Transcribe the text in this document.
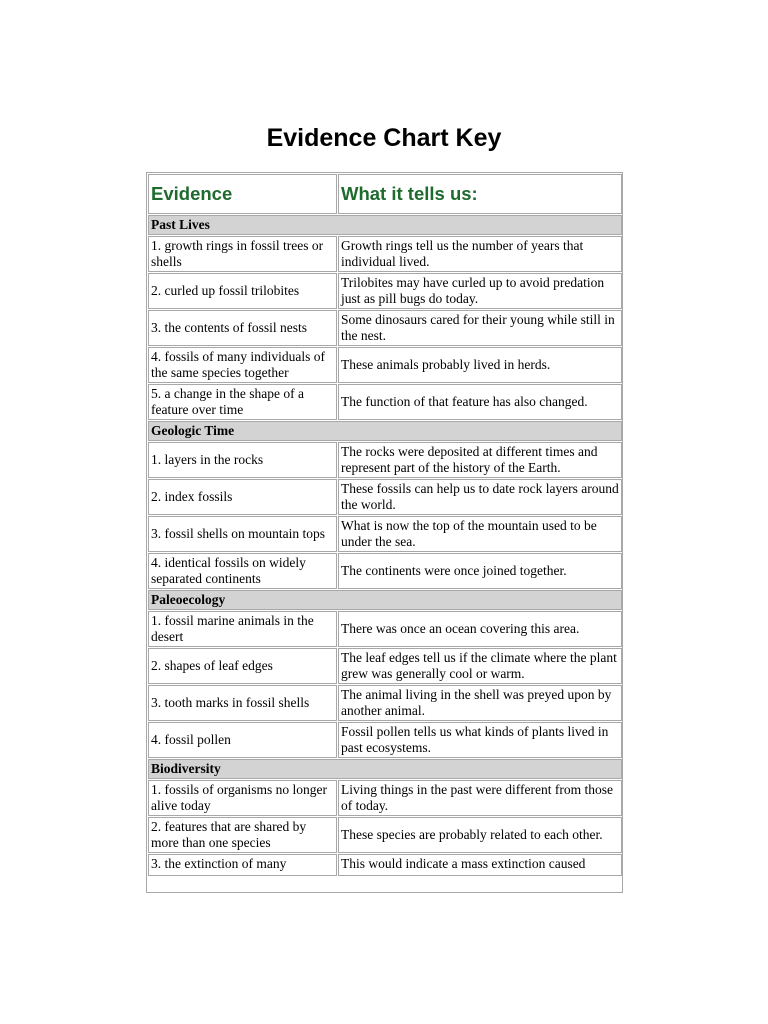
Evidence Chart Key
Evidence	What it tells us:
Past Lives	
1. growth rings in fossil trees or shells	Growth rings tell us the number of years that individual lived.
2. curled up fossil trilobites	Trilobites may have curled up to avoid predation just as pill bugs do today.
3. the contents of fossil nests	Some dinosaurs cared for their young while still in the nest.
4. fossils of many individuals of the same species together	These animals probably lived in herds.
5. a change in the shape of a feature over time	The function of that feature has also changed.
Geologic Time	
1. layers in the rocks	The rocks were deposited at different times and represent part of the history of the Earth.
2. index fossils	These fossils can help us to date rock layers around the world.
3. fossil shells on mountain tops	What is now the top of the mountain used to be under the sea.
4. identical fossils on widely separated continents	The continents were once joined together.
Paleoecology	
1. fossil marine animals in the desert	There was once an ocean covering this area.
2. shapes of leaf edges	The leaf edges tell us if the climate where the plant grew was generally cool or warm.
3. tooth marks in fossil shells	The animal living in the shell was preyed upon by another animal.
4. fossil pollen	Fossil pollen tells us what kinds of plants lived in past ecosystems.
Biodiversity	
1. fossils of organisms no longer alive today	Living things in the past were different from those of today.
2. features that are shared by more than one species	These species are probably related to each other.
3. the extinction of many	This would indicate a mass extinction caused
